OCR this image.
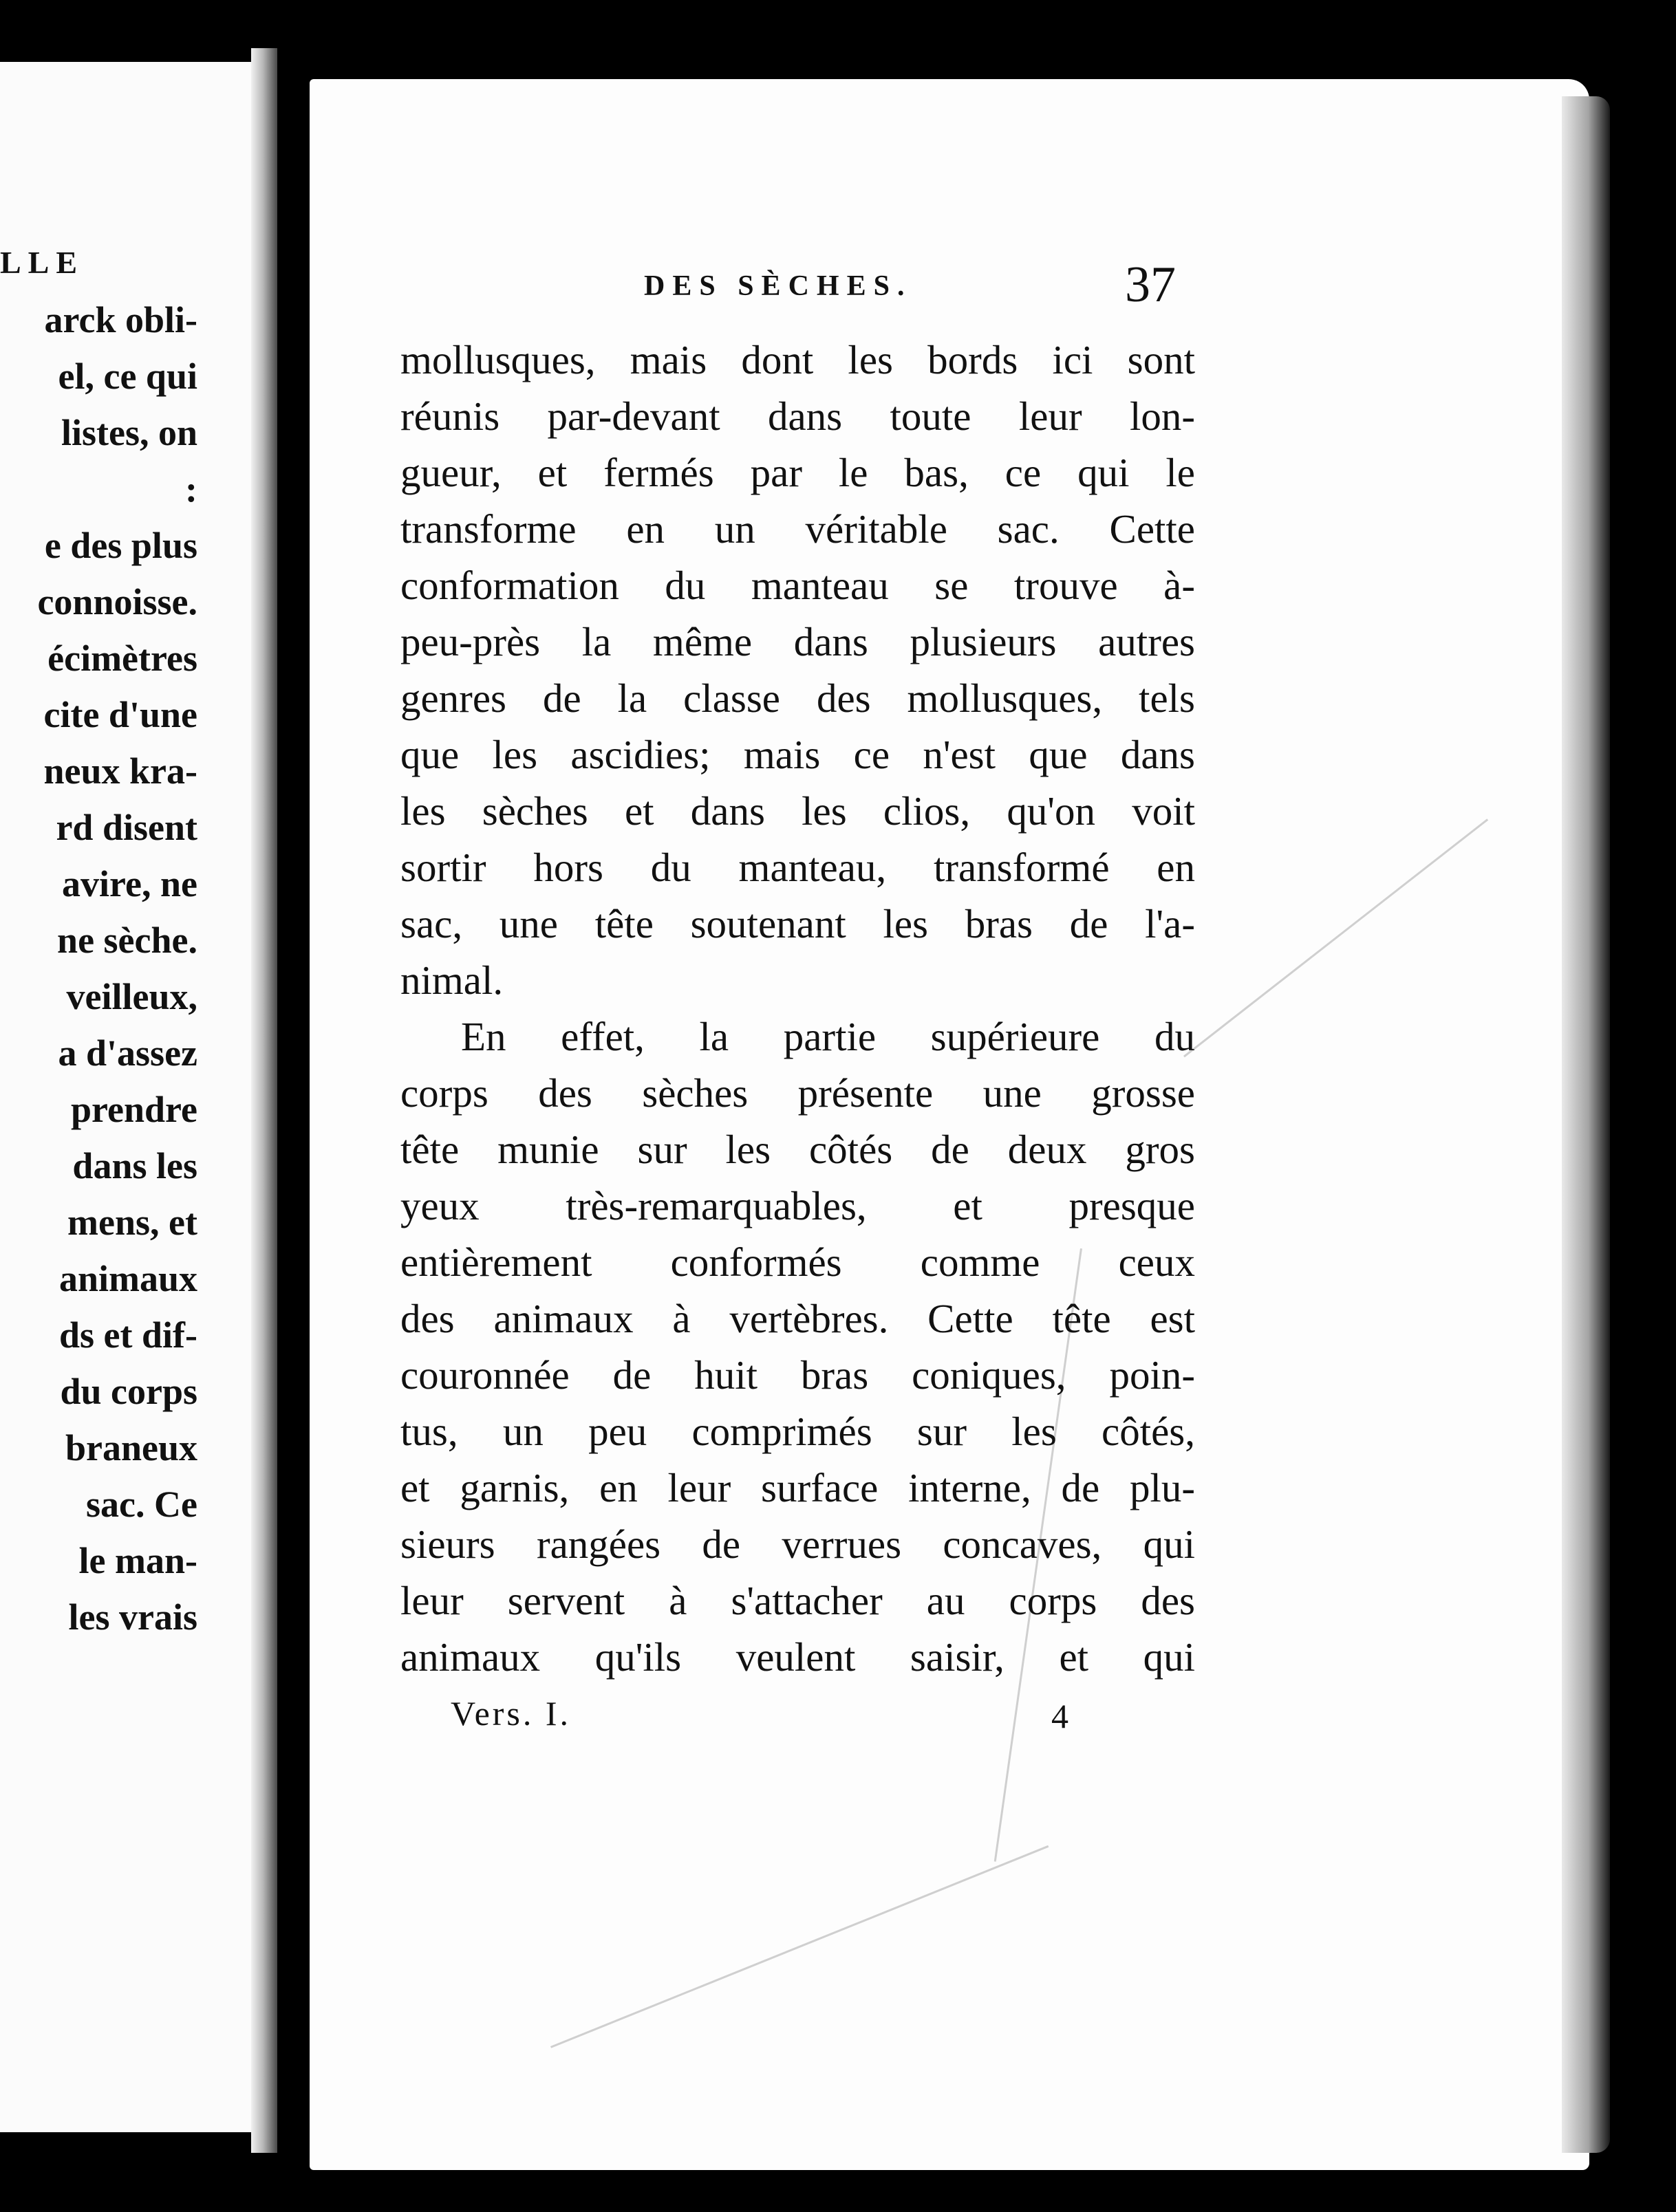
LLE
arck obli-
el, ce qui
listes, on
:
e des plus
connoisse.
écimètres
cite d'une
neux kra-
rd disent
avire, ne
ne sèche.
veilleux,
a d'assez
prendre
dans les
mens, et
animaux
ds et dif-
du corps
braneux
sac. Ce
le man-
les vrais
DES SÈCHES.	37
mollusques, mais dont les bords ici sont
réunis par-devant dans toute leur lon-
gueur, et fermés par le bas, ce qui le
transforme en un véritable sac. Cette
conformation du manteau se trouve à-
peu-près la même dans plusieurs autres
genres de la classe des mollusques, tels
que les ascidies; mais ce n'est que dans
les sèches et dans les clios, qu'on voit
sortir hors du manteau, transformé en
sac, une tête soutenant les bras de l'a-
nimal.
En effet, la partie supérieure du
corps des sèches présente une grosse
tête munie sur les côtés de deux gros
yeux très-remarquables, et presque
entièrement conformés comme ceux
des animaux à vertèbres. Cette tête est
couronnée de huit bras coniques, poin-
tus, un peu comprimés sur les côtés,
et garnis, en leur surface interne, de plu-
sieurs rangées de verrues concaves, qui
leur servent à s'attacher au corps des
animaux qu'ils veulent saisir, et qui
Vers. I.	4
